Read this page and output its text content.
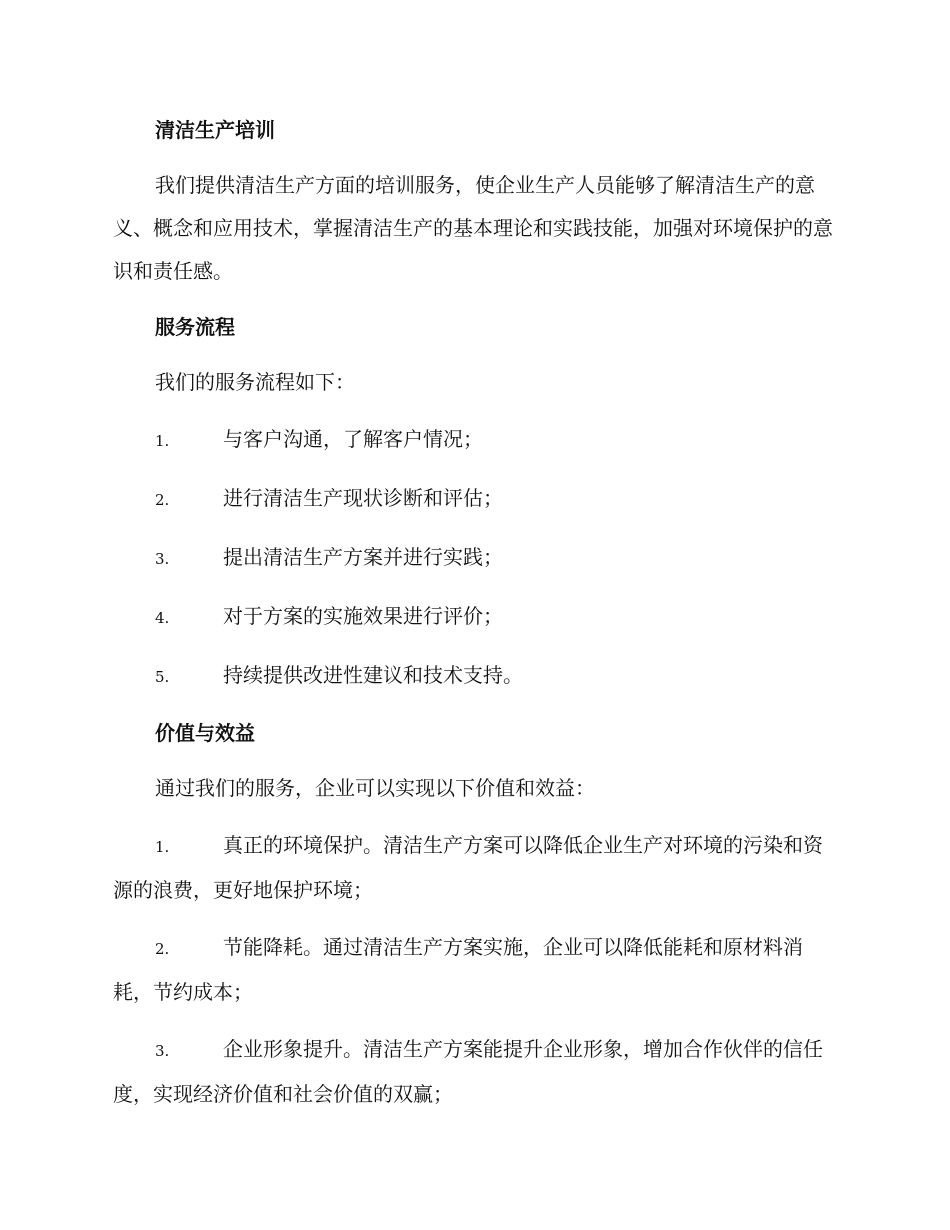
清洁生产培训

我们提供清洁生产方面的培训服务，使企业生产人员能够了解清洁生产的意义、概念和应用技术，掌握清洁生产的基本理论和实践技能，加强对环境保护的意识和责任感。

服务流程

我们的服务流程如下：

1.	与客户沟通，了解客户情况；
2.	进行清洁生产现状诊断和评估；
3.	提出清洁生产方案并进行实践；
4.	对于方案的实施效果进行评价；
5.	持续提供改进性建议和技术支持。
价值与效益

通过我们的服务，企业可以实现以下价值和效益：

1.	真正的环境保护。清洁生产方案可以降低企业生产对环境的污染和资源的浪费，更好地保护环境；
2.	节能降耗。通过清洁生产方案实施，企业可以降低能耗和原材料消耗，节约成本；
3.	企业形象提升。清洁生产方案能提升企业形象，增加合作伙伴的信任度，实现经济价值和社会价值的双赢；
